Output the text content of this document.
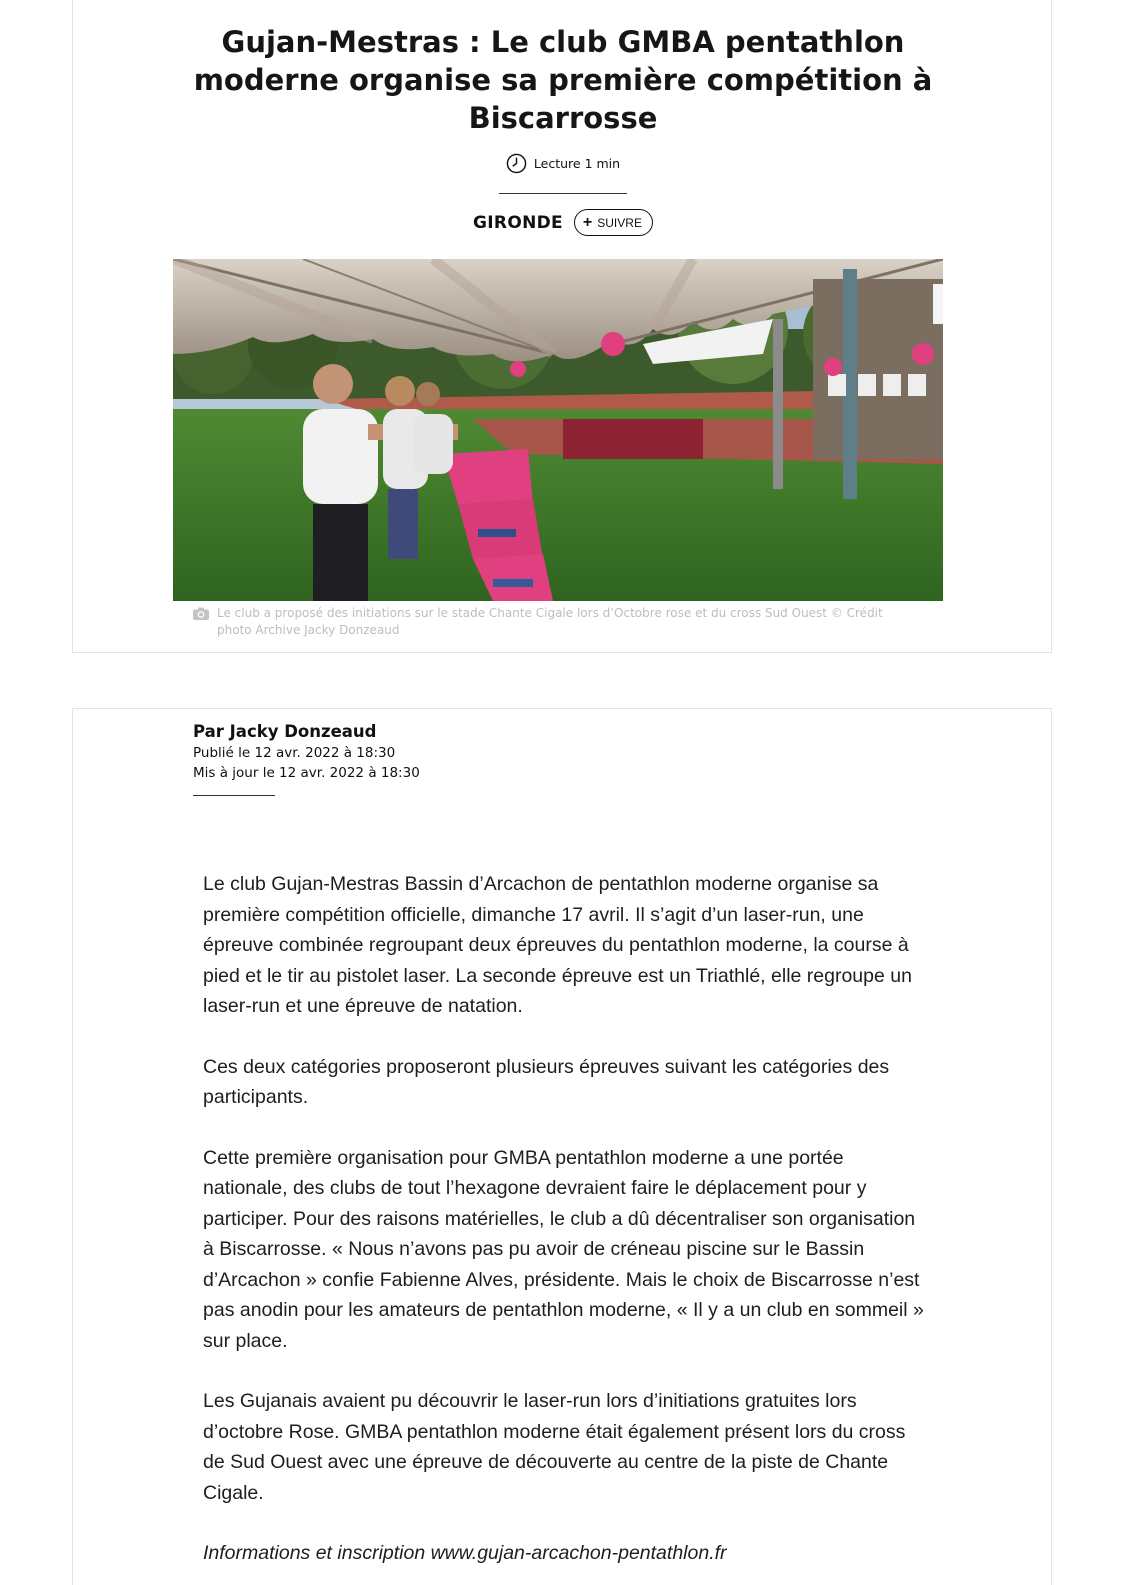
Gujan-Mestras : Le club GMBA pentathlon moderne organise sa première compétition à Biscarrosse
Lecture 1 min
GIRONDE + SUIVRE
Le club a proposé des initiations sur le stade Chante Cigale lors d’Octobre rose et du cross Sud Ouest © Crédit photo Archive Jacky Donzeaud
Par Jacky Donzeaud
Publié le 12 avr. 2022 à 18:30
Mis à jour le 12 avr. 2022 à 18:30

Le club Gujan-Mestras Bassin d’Arcachon de pentathlon moderne organise sa première compétition officielle, dimanche 17 avril. Il s’agit d’un laser-run, une épreuve combinée regroupant deux épreuves du pentathlon moderne, la course à pied et le tir au pistolet laser. La seconde épreuve est un Triathlé, elle regroupe un laser-run et une épreuve de natation.

Ces deux catégories proposeront plusieurs épreuves suivant les catégories des participants.

Cette première organisation pour GMBA pentathlon moderne a une portée nationale, des clubs de tout l’hexagone devraient faire le déplacement pour y participer. Pour des raisons matérielles, le club a dû décentraliser son organisation à Biscarrosse. « Nous n’avons pas pu avoir de créneau piscine sur le Bassin d’Arcachon » confie Fabienne Alves, présidente. Mais le choix de Biscarrosse n’est pas anodin pour les amateurs de pentathlon moderne, « Il y a un club en sommeil » sur place.

Les Gujanais avaient pu découvrir le laser-run lors d’initiations gratuites lors d’octobre Rose. GMBA pentathlon moderne était également présent lors du cross de Sud Ouest avec une épreuve de découverte au centre de la piste de Chante Cigale.

Informations et inscription www.gujan-arcachon-pentathlon.fr
